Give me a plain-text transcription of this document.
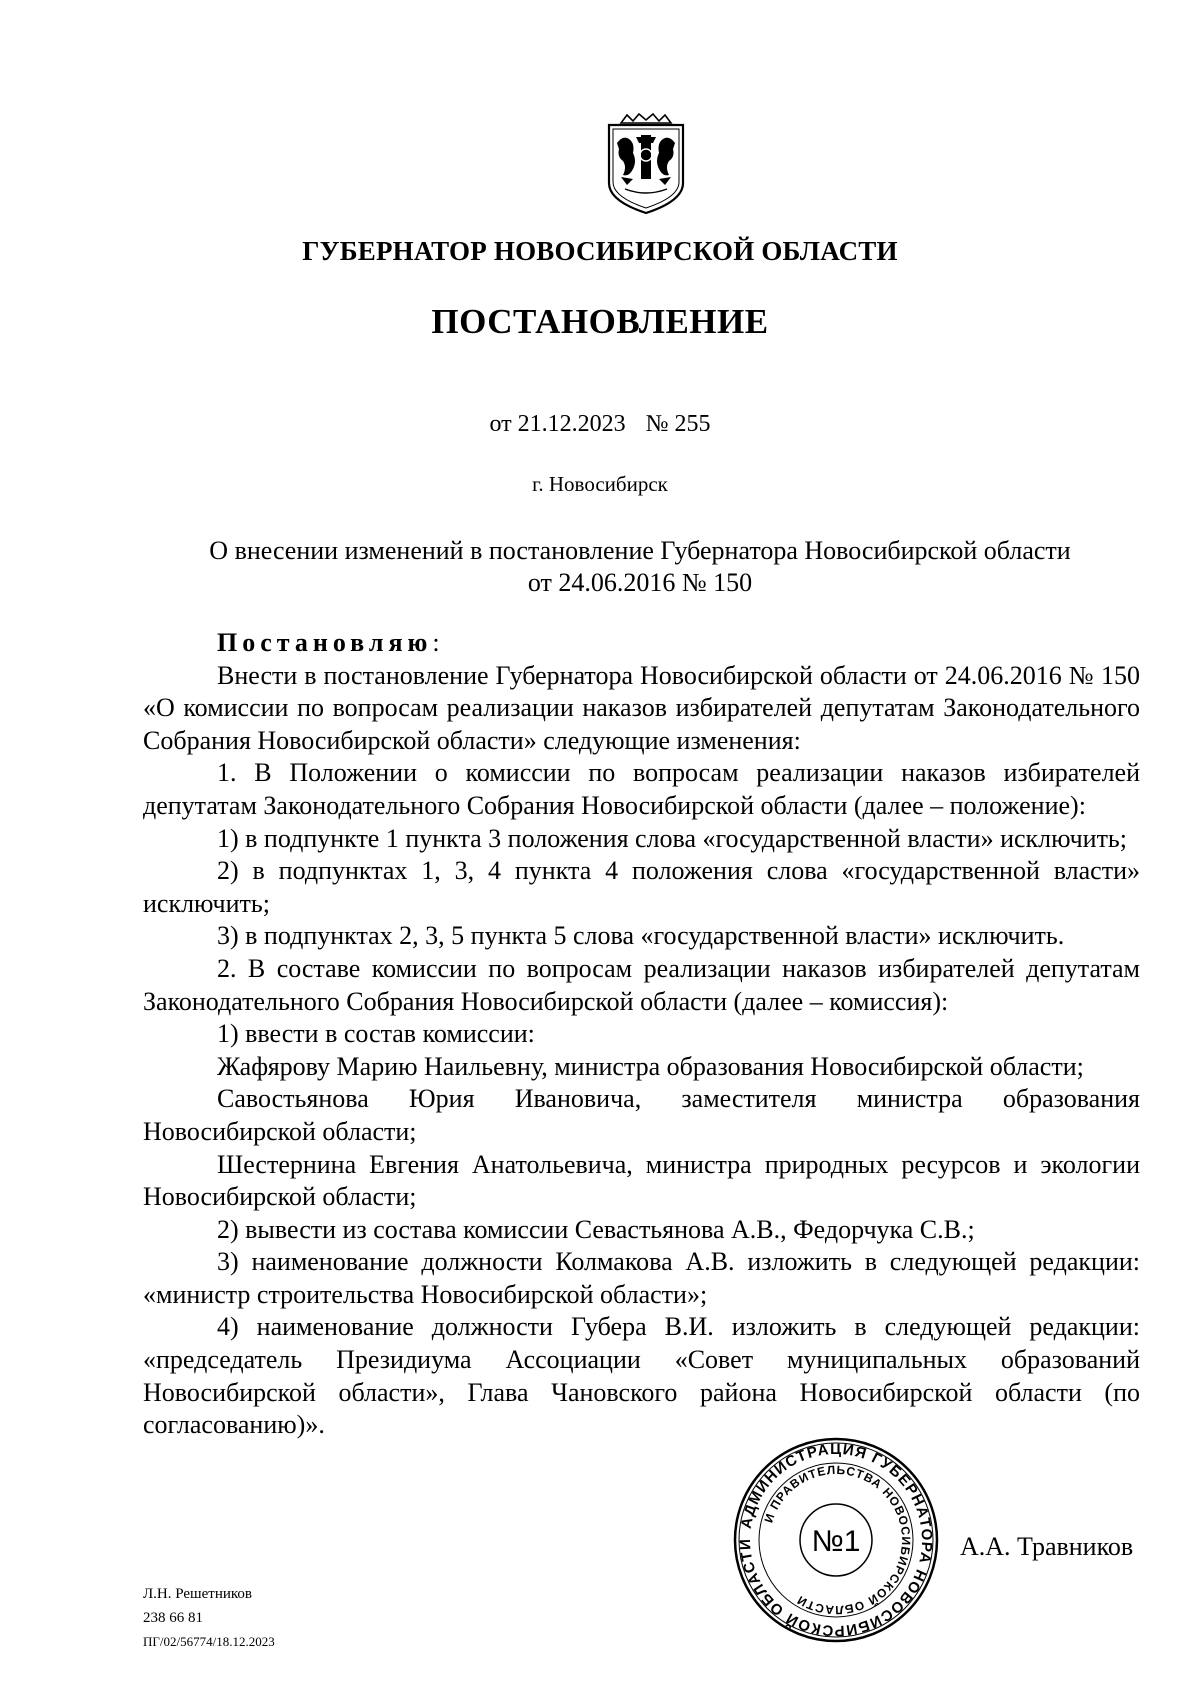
ГУБЕРНАТОР НОВОСИБИРСКОЙ ОБЛАСТИ
ПОСТАНОВЛЕНИЕ
от 21.12.2023 № 255
г. Новосибирск
О внесении изменений в постановление Губернатора Новосибирской области
от 24.06.2016 № 150

Постановляю:

Внести в постановление Губернатора Новосибирской области от 24.06.2016 № 150 «О комиссии по вопросам реализации наказов избирателей депутатам Законодательного Собрания Новосибирской области» следующие изменения:

1. В Положении о комиссии по вопросам реализации наказов избирателей депутатам Законодательного Собрания Новосибирской области (далее – положение):

1) в подпункте 1 пункта 3 положения слова «государственной власти» исключить;

2) в подпунктах 1, 3, 4 пункта 4 положения слова «государственной власти» исключить;

3) в подпунктах 2, 3, 5 пункта 5 слова «государственной власти» исключить.

2. В составе комиссии по вопросам реализации наказов избирателей депутатам Законодательного Собрания Новосибирской области (далее – комиссия):

1) ввести в состав комиссии:

Жафярову Марию Наильевну, министра образования Новосибирской области;

Савостьянова Юрия Ивановича, заместителя министра образования Новосибирской области;

Шестернина Евгения Анатольевича, министра природных ресурсов и экологии Новосибирской области;

2) вывести из состава комиссии Севастьянова А.В., Федорчука С.В.;

3) наименование должности Колмакова А.В. изложить в следующей редакции: «министр строительства Новосибирской области»;

4) наименование должности Губера В.И. изложить в следующей редакции: «председатель Президиума Ассоциации «Совет муниципальных образований Новосибирской области», Глава Чановского района Новосибирской области (по согласованию)».

АДМИНИСТРАЦИЯ ГУБЕРНАТОРА НОВОСИБИРСКОЙ ОБЛАСТИ
И ПРАВИТЕЛЬСТВА НОВОСИБИРСКОЙ ОБЛАСТИ
№1	А.А. Травников
Л.Н. Решетников
238 66 81
ПГ/02/56774/18.12.2023
